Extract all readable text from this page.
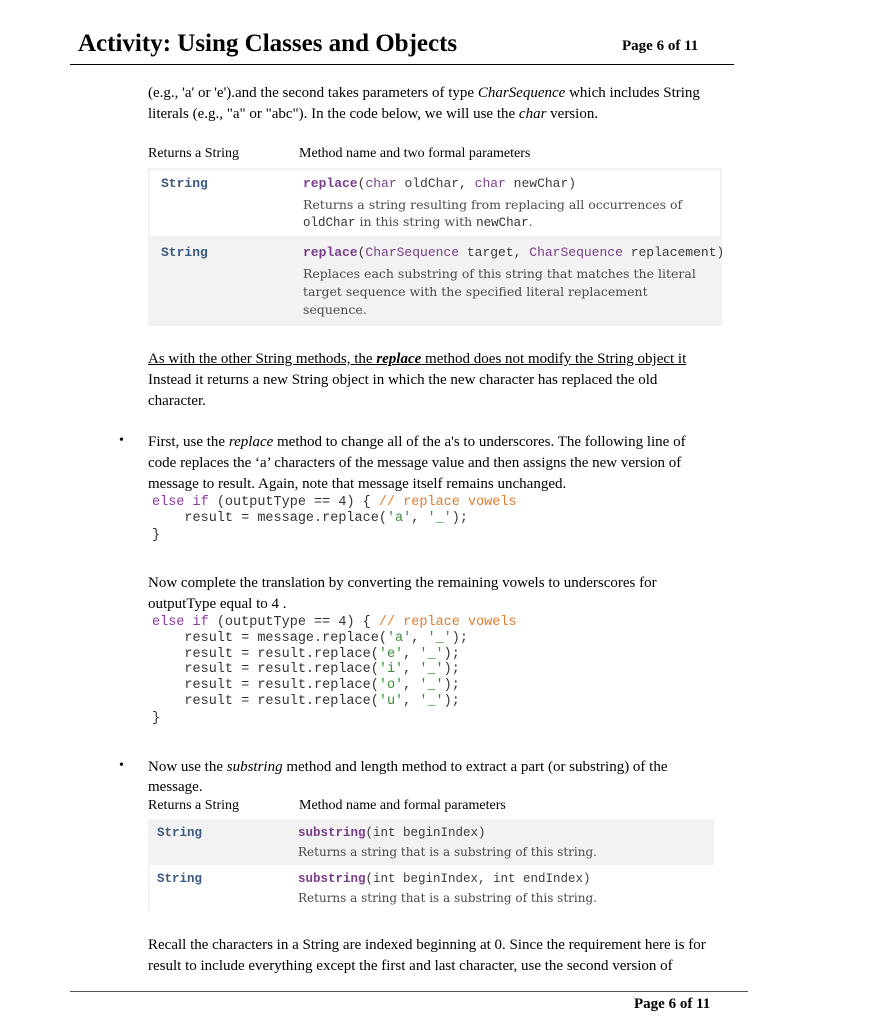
Activity: Using Classes and Objects	Page 6 of 11
(e.g., 'a' or 'e').and the second takes parameters of type CharSequence which includes String
literals (e.g., "a" or "abc"). In the code below, we will use the char version.
Returns a String	Method name and two formal parameters
String	replace(char oldChar, char newChar)
Returns a string resulting from replacing all occurrences of
oldChar in this string with newChar.
String	replace(CharSequence target, CharSequence replacement)
Replaces each substring of this string that matches the literal
target sequence with the specified literal replacement
sequence.
As with the other String methods, the replace method does not modify the String object it
Instead it returns a new String object in which the new character has replaced the old
character.
• First, use the replace method to change all of the a's to underscores. The following line of
code replaces the ‘a’ characters of the message value and then assigns the new version of
message to result. Again, note that message itself remains unchanged.
else if (outputType == 4) { // replace vowels
result = message.replace('a', '_');
}
Now complete the translation by converting the remaining vowels to underscores for
outputType equal to 4 .
else if (outputType == 4) { // replace vowels
result = message.replace('a', '_');
result = result.replace('e', '_');
result = result.replace('i', '_');
result = result.replace('o', '_');
result = result.replace('u', '_');
}
• Now use the substring method and length method to extract a part (or substring) of the
message.
Returns a String	Method name and formal parameters
String	substring(int beginIndex)
Returns a string that is a substring of this string.
String	substring(int beginIndex, int endIndex)
Returns a string that is a substring of this string.
Recall the characters in a String are indexed beginning at 0. Since the requirement here is for
result to include everything except the first and last character, use the second version of
Page 6 of 11
